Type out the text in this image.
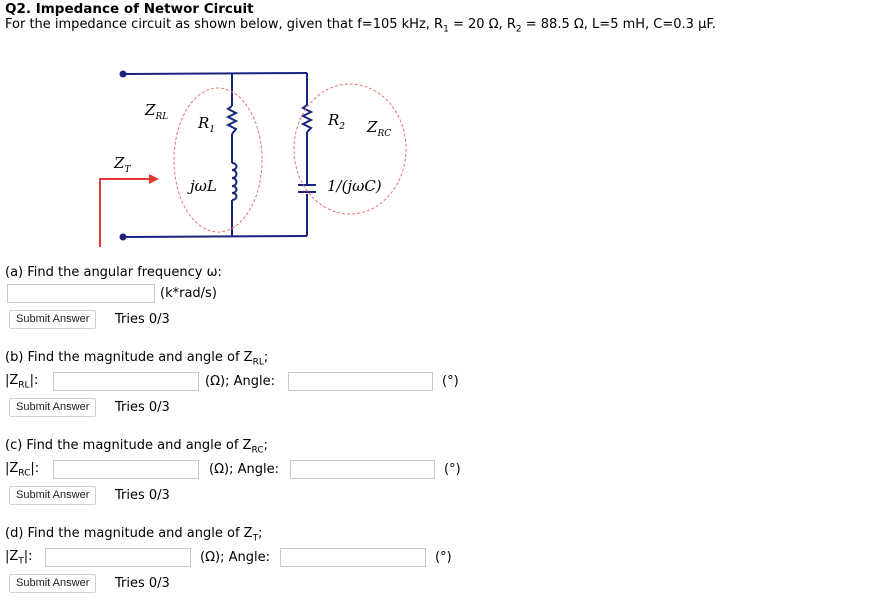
Q2. Impedance of Networ Circuit
For the impedance circuit as shown below, given that f=105 kHz, $R_1 = 20$ Ω, $R_2 = 88.5$ Ω, L=5 mH, C=0.3 μF.
$Z_{RL}$ $R_1$
jωL
$Z_T$
$R_2$ $Z_{RC}$
1/(jωC)
(a) Find the angular frequency ω:
(k*rad/s)
Submit Answer	Tries 0/3
(b) Find the magnitude and angle of $Z_{RL}$;
$|Z_{RL}|$:	(Ω); Angle:	(°)
Submit Answer	Tries 0/3
(c) Find the magnitude and angle of $Z_{RC}$;
$|Z_{RC}|$:	(Ω); Angle:	(°)
Submit Answer	Tries 0/3
(d) Find the magnitude and angle of $Z_T$;
$|Z_T|$:	(Ω); Angle:	(°)
Submit Answer	Tries 0/3
